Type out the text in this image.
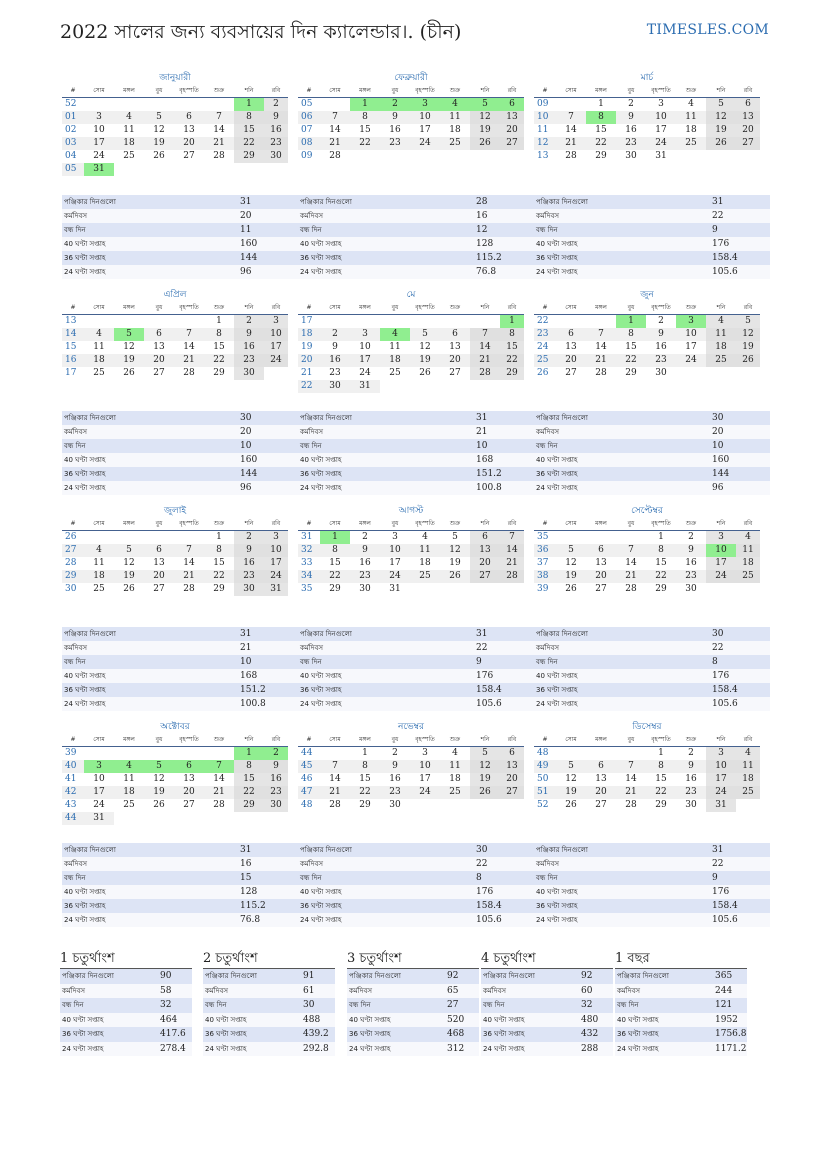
2022 সালের জন্য ব্যবসায়ের দিন ক্যালেন্ডার।. (চীন)	TIMESLES.COM
জানুয়ারী
#	সোম	মঙ্গল	বুধ	বৃহস্পতি	শুক্র	শনি	রবি
52						1	2
01	3	4	5	6	7	8	9
02	10	11	12	13	14	15	16
03	17	18	19	20	21	22	23
04	24	25	26	27	28	29	30
05	31						
পঞ্জিকার দিনগুলো	31
কর্মদিবস	20
বন্ধ দিন	11
40 ঘণ্টা সপ্তাহ	160
36 ঘণ্টা সপ্তাহ	144
24 ঘণ্টা সপ্তাহ	96
ফেব্রুয়ারী
#	সোম	মঙ্গল	বুধ	বৃহস্পতি	শুক্র	শনি	রবি
05		1	2	3	4	5	6
06	7	8	9	10	11	12	13
07	14	15	16	17	18	19	20
08	21	22	23	24	25	26	27
09	28						
পঞ্জিকার দিনগুলো	28
কর্মদিবস	16
বন্ধ দিন	12
40 ঘণ্টা সপ্তাহ	128
36 ঘণ্টা সপ্তাহ	115.2
24 ঘণ্টা সপ্তাহ	76.8
মার্চ
#	সোম	মঙ্গল	বুধ	বৃহস্পতি	শুক্র	শনি	রবি
09		1	2	3	4	5	6
10	7	8	9	10	11	12	13
11	14	15	16	17	18	19	20
12	21	22	23	24	25	26	27
13	28	29	30	31			
পঞ্জিকার দিনগুলো	31
কর্মদিবস	22
বন্ধ দিন	9
40 ঘণ্টা সপ্তাহ	176
36 ঘণ্টা সপ্তাহ	158.4
24 ঘণ্টা সপ্তাহ	105.6
এপ্রিল
#	সোম	মঙ্গল	বুধ	বৃহস্পতি	শুক্র	শনি	রবি
13					1	2	3
14	4	5	6	7	8	9	10
15	11	12	13	14	15	16	17
16	18	19	20	21	22	23	24
17	25	26	27	28	29	30	
পঞ্জিকার দিনগুলো	30
কর্মদিবস	20
বন্ধ দিন	10
40 ঘণ্টা সপ্তাহ	160
36 ঘণ্টা সপ্তাহ	144
24 ঘণ্টা সপ্তাহ	96
মে
#	সোম	মঙ্গল	বুধ	বৃহস্পতি	শুক্র	শনি	রবি
17							1
18	2	3	4	5	6	7	8
19	9	10	11	12	13	14	15
20	16	17	18	19	20	21	22
21	23	24	25	26	27	28	29
22	30	31					
পঞ্জিকার দিনগুলো	31
কর্মদিবস	21
বন্ধ দিন	10
40 ঘণ্টা সপ্তাহ	168
36 ঘণ্টা সপ্তাহ	151.2
24 ঘণ্টা সপ্তাহ	100.8
জুন
#	সোম	মঙ্গল	বুধ	বৃহস্পতি	শুক্র	শনি	রবি
22			1	2	3	4	5
23	6	7	8	9	10	11	12
24	13	14	15	16	17	18	19
25	20	21	22	23	24	25	26
26	27	28	29	30			
পঞ্জিকার দিনগুলো	30
কর্মদিবস	20
বন্ধ দিন	10
40 ঘণ্টা সপ্তাহ	160
36 ঘণ্টা সপ্তাহ	144
24 ঘণ্টা সপ্তাহ	96
জুলাই
#	সোম	মঙ্গল	বুধ	বৃহস্পতি	শুক্র	শনি	রবি
26					1	2	3
27	4	5	6	7	8	9	10
28	11	12	13	14	15	16	17
29	18	19	20	21	22	23	24
30	25	26	27	28	29	30	31
পঞ্জিকার দিনগুলো	31
কর্মদিবস	21
বন্ধ দিন	10
40 ঘণ্টা সপ্তাহ	168
36 ঘণ্টা সপ্তাহ	151.2
24 ঘণ্টা সপ্তাহ	100.8
আগস্ট
#	সোম	মঙ্গল	বুধ	বৃহস্পতি	শুক্র	শনি	রবি
31	1	2	3	4	5	6	7
32	8	9	10	11	12	13	14
33	15	16	17	18	19	20	21
34	22	23	24	25	26	27	28
35	29	30	31				
পঞ্জিকার দিনগুলো	31
কর্মদিবস	22
বন্ধ দিন	9
40 ঘণ্টা সপ্তাহ	176
36 ঘণ্টা সপ্তাহ	158.4
24 ঘণ্টা সপ্তাহ	105.6
সেপ্টেম্বর
#	সোম	মঙ্গল	বুধ	বৃহস্পতি	শুক্র	শনি	রবি
35				1	2	3	4
36	5	6	7	8	9	10	11
37	12	13	14	15	16	17	18
38	19	20	21	22	23	24	25
39	26	27	28	29	30		
পঞ্জিকার দিনগুলো	30
কর্মদিবস	22
বন্ধ দিন	8
40 ঘণ্টা সপ্তাহ	176
36 ঘণ্টা সপ্তাহ	158.4
24 ঘণ্টা সপ্তাহ	105.6
অক্টোবর
#	সোম	মঙ্গল	বুধ	বৃহস্পতি	শুক্র	শনি	রবি
39						1	2
40	3	4	5	6	7	8	9
41	10	11	12	13	14	15	16
42	17	18	19	20	21	22	23
43	24	25	26	27	28	29	30
44	31						
পঞ্জিকার দিনগুলো	31
কর্মদিবস	16
বন্ধ দিন	15
40 ঘণ্টা সপ্তাহ	128
36 ঘণ্টা সপ্তাহ	115.2
24 ঘণ্টা সপ্তাহ	76.8
নভেম্বর
#	সোম	মঙ্গল	বুধ	বৃহস্পতি	শুক্র	শনি	রবি
44		1	2	3	4	5	6
45	7	8	9	10	11	12	13
46	14	15	16	17	18	19	20
47	21	22	23	24	25	26	27
48	28	29	30				
পঞ্জিকার দিনগুলো	30
কর্মদিবস	22
বন্ধ দিন	8
40 ঘণ্টা সপ্তাহ	176
36 ঘণ্টা সপ্তাহ	158.4
24 ঘণ্টা সপ্তাহ	105.6
ডিসেম্বর
#	সোম	মঙ্গল	বুধ	বৃহস্পতি	শুক্র	শনি	রবি
48				1	2	3	4
49	5	6	7	8	9	10	11
50	12	13	14	15	16	17	18
51	19	20	21	22	23	24	25
52	26	27	28	29	30	31	
পঞ্জিকার দিনগুলো	31
কর্মদিবস	22
বন্ধ দিন	9
40 ঘণ্টা সপ্তাহ	176
36 ঘণ্টা সপ্তাহ	158.4
24 ঘণ্টা সপ্তাহ	105.6
1 চতুর্থাংশ
পঞ্জিকার দিনগুলো	90
কর্মদিবস	58
বন্ধ দিন	32
40 ঘণ্টা সপ্তাহ	464
36 ঘণ্টা সপ্তাহ	417.6
24 ঘণ্টা সপ্তাহ	278.4
2 চতুর্থাংশ
পঞ্জিকার দিনগুলো	91
কর্মদিবস	61
বন্ধ দিন	30
40 ঘণ্টা সপ্তাহ	488
36 ঘণ্টা সপ্তাহ	439.2
24 ঘণ্টা সপ্তাহ	292.8
3 চতুর্থাংশ
পঞ্জিকার দিনগুলো	92
কর্মদিবস	65
বন্ধ দিন	27
40 ঘণ্টা সপ্তাহ	520
36 ঘণ্টা সপ্তাহ	468
24 ঘণ্টা সপ্তাহ	312
4 চতুর্থাংশ
পঞ্জিকার দিনগুলো	92
কর্মদিবস	60
বন্ধ দিন	32
40 ঘণ্টা সপ্তাহ	480
36 ঘণ্টা সপ্তাহ	432
24 ঘণ্টা সপ্তাহ	288
1 বছর
পঞ্জিকার দিনগুলো	365
কর্মদিবস	244
বন্ধ দিন	121
40 ঘণ্টা সপ্তাহ	1952
36 ঘণ্টা সপ্তাহ	1756.8
24 ঘণ্টা সপ্তাহ	1171.2
